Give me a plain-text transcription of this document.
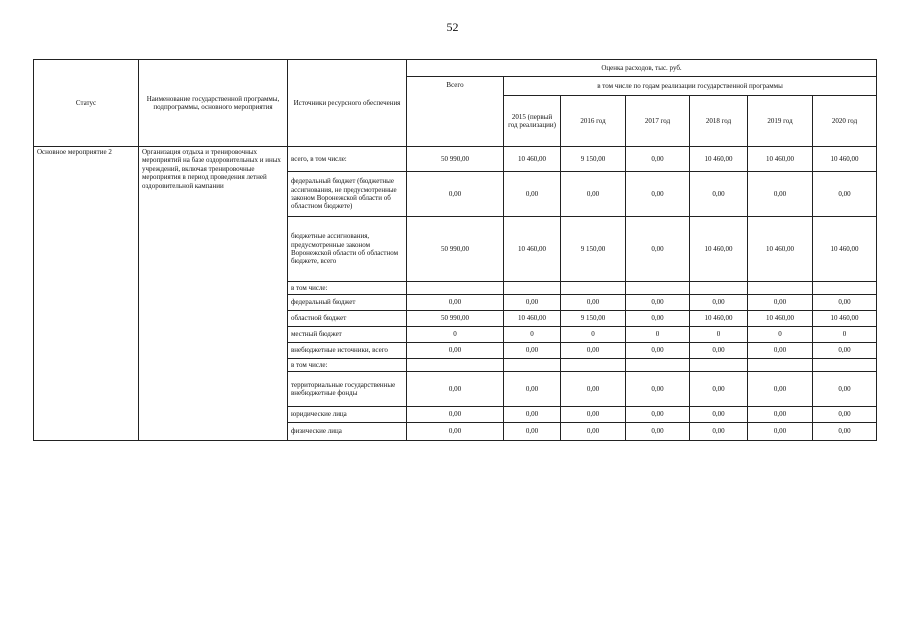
52
Статус	Наименование государственной программы, подпрограммы, основного мероприятия	Источники ресурсного обеспечения	Оценка расходов, тыс. руб.						
			Всего	в том числе по годам реализации государственной программы					
				2015 (первый год реализации)	2016 год	2017 год	2018 год	2019 год	2020 год
Основное мероприятие 2	Организация отдыха и тренировочных мероприятий на базе оздоровительных и иных учреждений, включая тренировочные мероприятия в период проведения летней оздоровительной кампании	всего, в том числе:	50 990,00	10 460,00	9 150,00	0,00	10 460,00	10 460,00	10 460,00
		федеральный бюджет (бюджетные ассигнования, не предусмотренные законом Воронежской области об областном бюджете)	0,00	0,00	0,00	0,00	0,00	0,00	0,00
		бюджетные ассигнования, предусмотренные законом Воронежской области об областном бюджете, всего	50 990,00	10 460,00	9 150,00	0,00	10 460,00	10 460,00	10 460,00
		в том числе:							
		федеральный бюджет	0,00	0,00	0,00	0,00	0,00	0,00	0,00
		областной бюджет	50 990,00	10 460,00	9 150,00	0,00	10 460,00	10 460,00	10 460,00
		местный бюджет	0	0	0	0	0	0	0
		внебюджетные источники, всего	0,00	0,00	0,00	0,00	0,00	0,00	0,00
		в том числе:							
		территориальные государственные внебюджетные фонды	0,00	0,00	0,00	0,00	0,00	0,00	0,00
		юридические лица	0,00	0,00	0,00	0,00	0,00	0,00	0,00
		физические лица	0,00	0,00	0,00	0,00	0,00	0,00	0,00
